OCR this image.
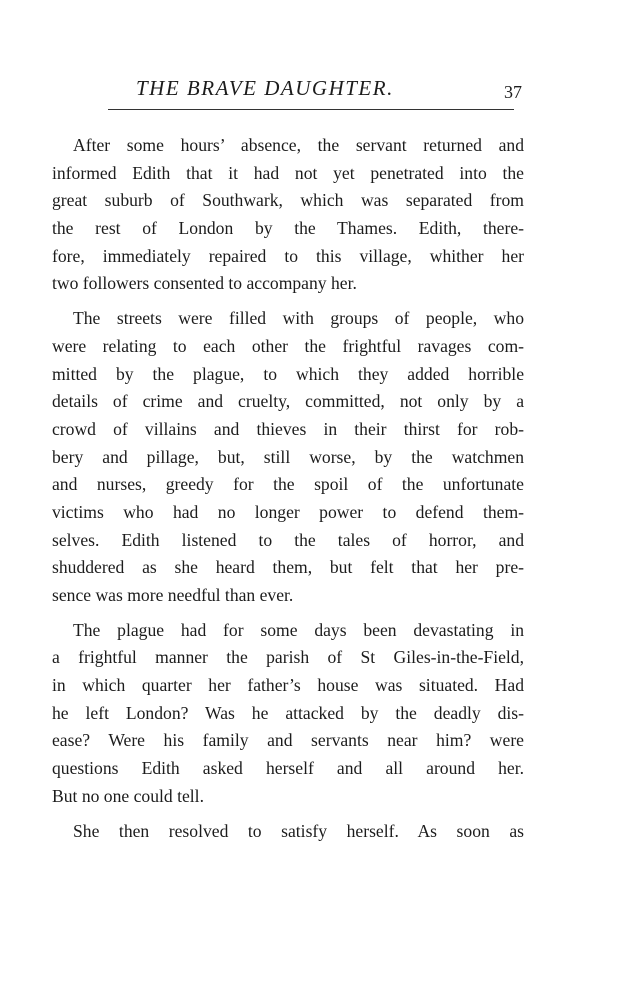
THE BRAVE DAUGHTER.	37
After some hours’ absence, the servant returned and
informed Edith that it had not yet penetrated into the
great suburb of Southwark, which was separated from
the rest of London by the Thames. Edith, there-
fore, immediately repaired to this village, whither her
two followers consented to accompany her.
The streets were filled with groups of people, who
were relating to each other the frightful ravages com-
mitted by the plague, to which they added horrible
details of crime and cruelty, committed, not only by a
crowd of villains and thieves in their thirst for rob-
bery and pillage, but, still worse, by the watchmen
and nurses, greedy for the spoil of the unfortunate
victims who had no longer power to defend them-
selves. Edith listened to the tales of horror, and
shuddered as she heard them, but felt that her pre-
sence was more needful than ever.
The plague had for some days been devastating in
a frightful manner the parish of St Giles-in-the-Field,
in which quarter her father’s house was situated. Had
he left London? Was he attacked by the deadly dis-
ease? Were his family and servants near him? were
questions Edith asked herself and all around her.
But no one could tell.
She then resolved to satisfy herself. As soon as
